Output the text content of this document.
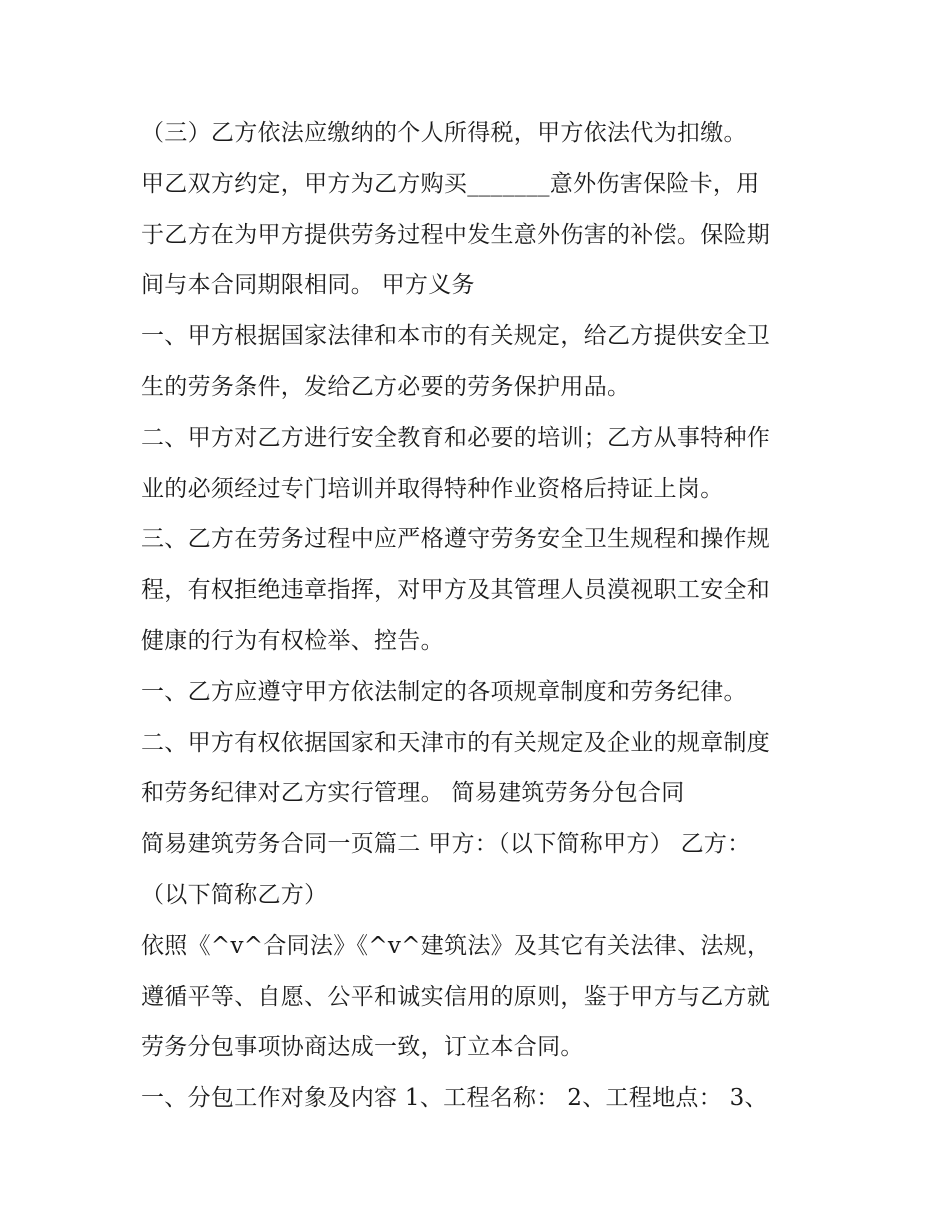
（三）乙方依法应缴纳的个人所得税，甲方依法代为扣缴。
甲乙双方约定，甲方为乙方购买_______意外伤害保险卡，用
于乙方在为甲方提供劳务过程中发生意外伤害的补偿。保险期
间与本合同期限相同。 甲方义务
一、甲方根据国家法律和本市的有关规定，给乙方提供安全卫
生的劳务条件，发给乙方必要的劳务保护用品。
二、甲方对乙方进行安全教育和必要的培训；乙方从事特种作
业的必须经过专门培训并取得特种作业资格后持证上岗。
三、乙方在劳务过程中应严格遵守劳务安全卫生规程和操作规
程，有权拒绝违章指挥，对甲方及其管理人员漠视职工安全和
健康的行为有权检举、控告。
一、乙方应遵守甲方依法制定的各项规章制度和劳务纪律。
二、甲方有权依据国家和天津市的有关规定及企业的规章制度
和劳务纪律对乙方实行管理。 简易建筑劳务分包合同
简易建筑劳务合同一页篇二 甲方：（以下简称甲方） 乙方：
（以下简称乙方）
依照《^v^合同法》《^v^建筑法》及其它有关法律、法规，
遵循平等、自愿、公平和诚实信用的原则，鉴于甲方与乙方就
劳务分包事项协商达成一致，订立本合同。
一、分包工作对象及内容 1、工程名称： 2、工程地点： 3、
